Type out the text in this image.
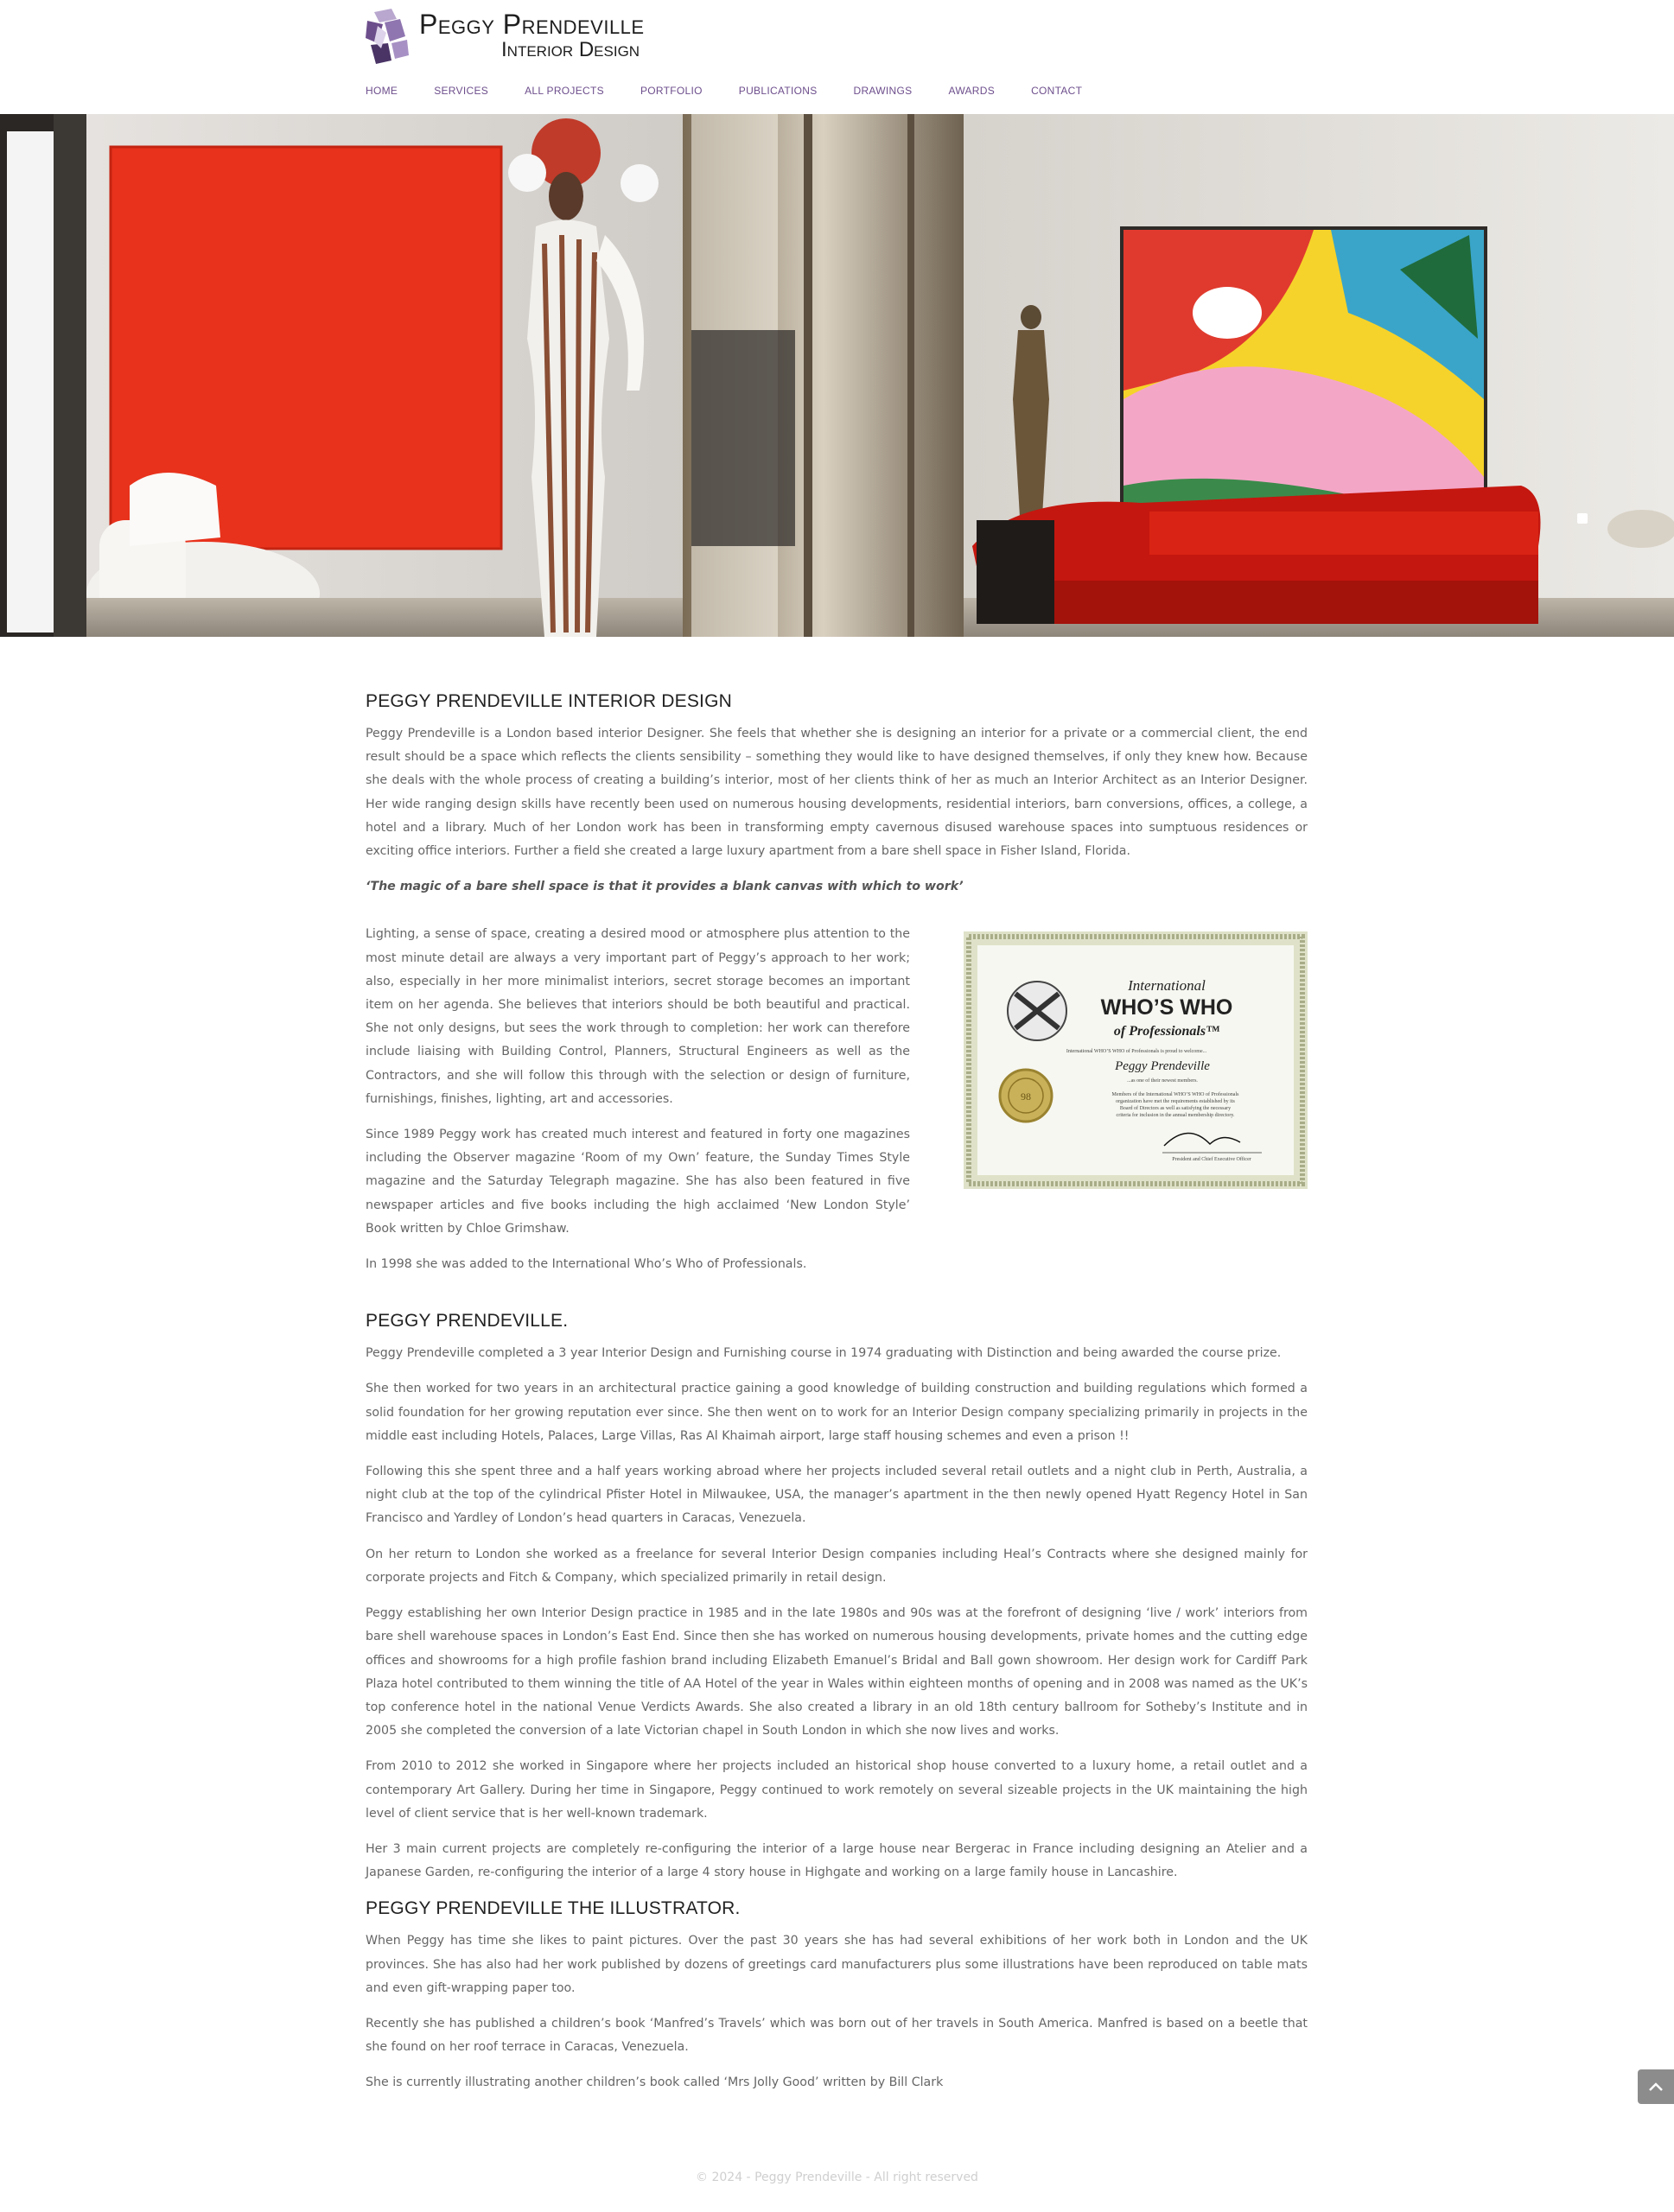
Peggy Prendeville
Interior Design
HOME	SERVICES	ALL PROJECTS	PORTFOLIO	PUBLICATIONS	DRAWINGS	AWARDS	CONTACT
PEGGY PRENDEVILLE INTERIOR DESIGN

Peggy Prendeville is a London based interior Designer. She feels that whether she is designing an interior for a private or a commercial client, the end result should be a space which reflects the clients sensibility – something they would like to have designed themselves, if only they knew how. Because she deals with the whole process of creating a building’s interior, most of her clients think of her as much an Interior Architect as an Interior Designer. Her wide ranging design skills have recently been used on numerous housing developments, residential interiors, barn conversions, offices, a college, a hotel and a library. Much of her London work has been in transforming empty cavernous disused warehouse spaces into sumptuous residences or exciting office interiors. Further a field she created a large luxury apartment from a bare shell space in Fisher Island, Florida.

‘The magic of a bare shell space is that it provides a blank canvas with which to work’

Lighting, a sense of space, creating a desired mood or atmosphere plus attention to the most minute detail are always a very important part of Peggy’s approach to her work; also, especially in her more minimalist interiors, secret storage becomes an important item on her agenda. She believes that interiors should be both beautiful and practical. She not only designs, but sees the work through to completion: her work can therefore include liaising with Building Control, Planners, Structural Engineers as well as the Contractors, and she will follow this through with the selection or design of furniture, furnishings, finishes, lighting, art and accessories.

Since 1989 Peggy work has created much interest and featured in forty one magazines including the Observer magazine ‘Room of my Own’ feature, the Sunday Times Style magazine and the Saturday Telegraph magazine. She has also been featured in five newspaper articles and five books including the high acclaimed ‘New London Style’ Book written by Chloe Grimshaw.

In 1998 she was added to the International Who’s Who of Professionals.

International
WHO’S WHO
of Professionals™
International WHO’S WHO of Professionals is proud to welcome...
Peggy Prendeville
...as one of their newest members.
Members of the International WHO’S WHO of Professionals
organization have met the requirements established by its
Board of Directors as well as satisfying the necessary
criteria for inclusion in the annual membership directory.
98
President and Chief Executive Officer
PEGGY PRENDEVILLE.

Peggy Prendeville completed a 3 year Interior Design and Furnishing course in 1974 graduating with Distinction and being awarded the course prize.

She then worked for two years in an architectural practice gaining a good knowledge of building construction and building regulations which formed a solid foundation for her growing reputation ever since. She then went on to work for an Interior Design company specializing primarily in projects in the middle east including Hotels, Palaces, Large Villas, Ras Al Khaimah airport, large staff housing schemes and even a prison !!

Following this she spent three and a half years working abroad where her projects included several retail outlets and a night club in Perth, Australia, a night club at the top of the cylindrical Pfister Hotel in Milwaukee, USA, the manager’s apartment in the then newly opened Hyatt Regency Hotel in San Francisco and Yardley of London’s head quarters in Caracas, Venezuela.

On her return to London she worked as a freelance for several Interior Design companies including Heal’s Contracts where she designed mainly for corporate projects and Fitch & Company, which specialized primarily in retail design.

Peggy establishing her own Interior Design practice in 1985 and in the late 1980s and 90s was at the forefront of designing ‘live / work’ interiors from bare shell warehouse spaces in London’s East End. Since then she has worked on numerous housing developments, private homes and the cutting edge offices and showrooms for a high profile fashion brand including Elizabeth Emanuel’s Bridal and Ball gown showroom. Her design work for Cardiff Park Plaza hotel contributed to them winning the title of AA Hotel of the year in Wales within eighteen months of opening and in 2008 was named as the UK’s top conference hotel in the national Venue Verdicts Awards. She also created a library in an old 18th century ballroom for Sotheby’s Institute and in 2005 she completed the conversion of a late Victorian chapel in South London in which she now lives and works.

From 2010 to 2012 she worked in Singapore where her projects included an historical shop house converted to a luxury home, a retail outlet and a contemporary Art Gallery. During her time in Singapore, Peggy continued to work remotely on several sizeable projects in the UK maintaining the high level of client service that is her well-known trademark.

Her 3 main current projects are completely re-configuring the interior of a large house near Bergerac in France including designing an Atelier and a Japanese Garden, re-configuring the interior of a large 4 story house in Highgate and working on a large family house in Lancashire.

PEGGY PRENDEVILLE THE ILLUSTRATOR.

When Peggy has time she likes to paint pictures. Over the past 30 years she has had several exhibitions of her work both in London and the UK provinces. She has also had her work published by dozens of greetings card manufacturers plus some illustrations have been reproduced on table mats and even gift-wrapping paper too.

Recently she has published a children’s book ‘Manfred’s Travels’ which was born out of her travels in South America. Manfred is based on a beetle that she found on her roof terrace in Caracas, Venezuela.

She is currently illustrating another children’s book called ‘Mrs Jolly Good’ written by Bill Clark

© 2024 - Peggy Prendeville - All right reserved
